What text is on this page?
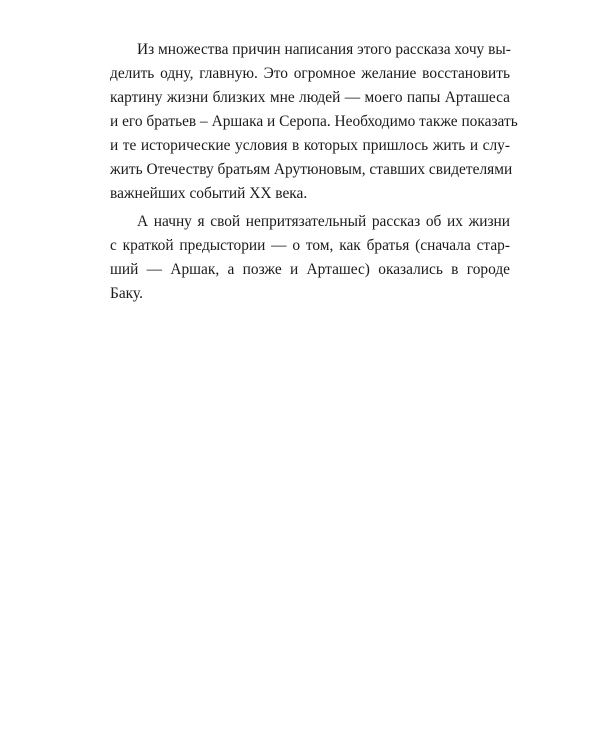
Из множества причин написания этого рассказа хочу вы-
делить одну, главную. Это огромное желание восстановить
картину жизни близких мне людей — моего папы Арташеса
и его братьев – Аршака и Серопа. Необходимо также показать
и те исторические условия в которых пришлось жить и слу-
жить Отечеству братьям Арутюновым, ставших свидетелями
важнейших событий XX века.
А начну я свой непритязательный рассказ об их жизни
с краткой предыстории — о том, как братья (сначала стар-
ший — Аршак, а позже и Арташес) оказались в городе
Баку.
